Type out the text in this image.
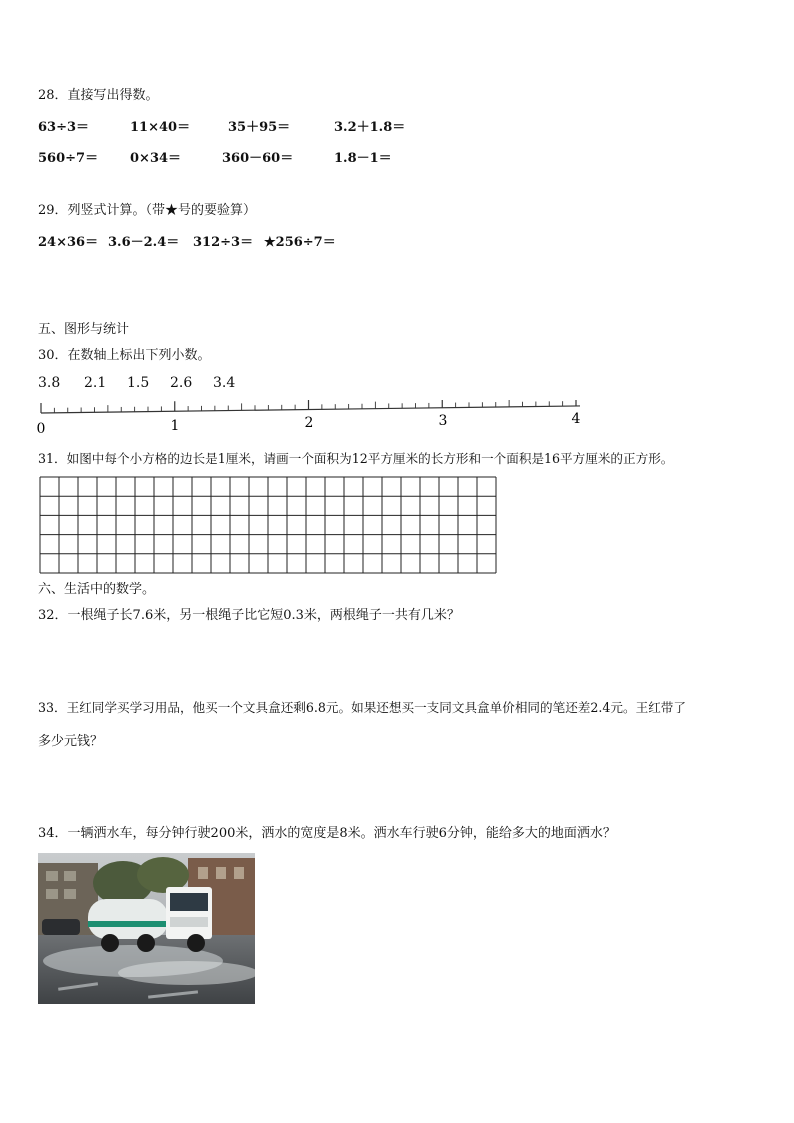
28．直接写出得数。
63÷3＝	11×40＝	35＋95＝	3.2＋1.8＝
560÷7＝ 0×34＝	360－60＝	1.8－1＝
29．列竖式计算。（带★号的要验算）
24×36＝ 3.6－2.4＝ 312÷3＝ ★256÷7＝
五、图形与统计
30．在数轴上标出下列小数。
3.8 2.1 1.5 2.6 3.4
0	1	2	3	4
31．如图中每个小方格的边长是1厘米，请画一个面积为12平方厘米的长方形和一个面积是16平方厘米的正方形。
六、生活中的数学。
32．一根绳子长7.6米，另一根绳子比它短0.3米，两根绳子一共有几米？
33．王红同学买学习用品，他买一个文具盒还剩6.8元。如果还想买一支同文具盒单价相同的笔还差2.4元。王红带了
多少元钱？
34．一辆洒水车，每分钟行驶200米，洒水的宽度是8米。洒水车行驶6分钟，能给多大的地面洒水？
